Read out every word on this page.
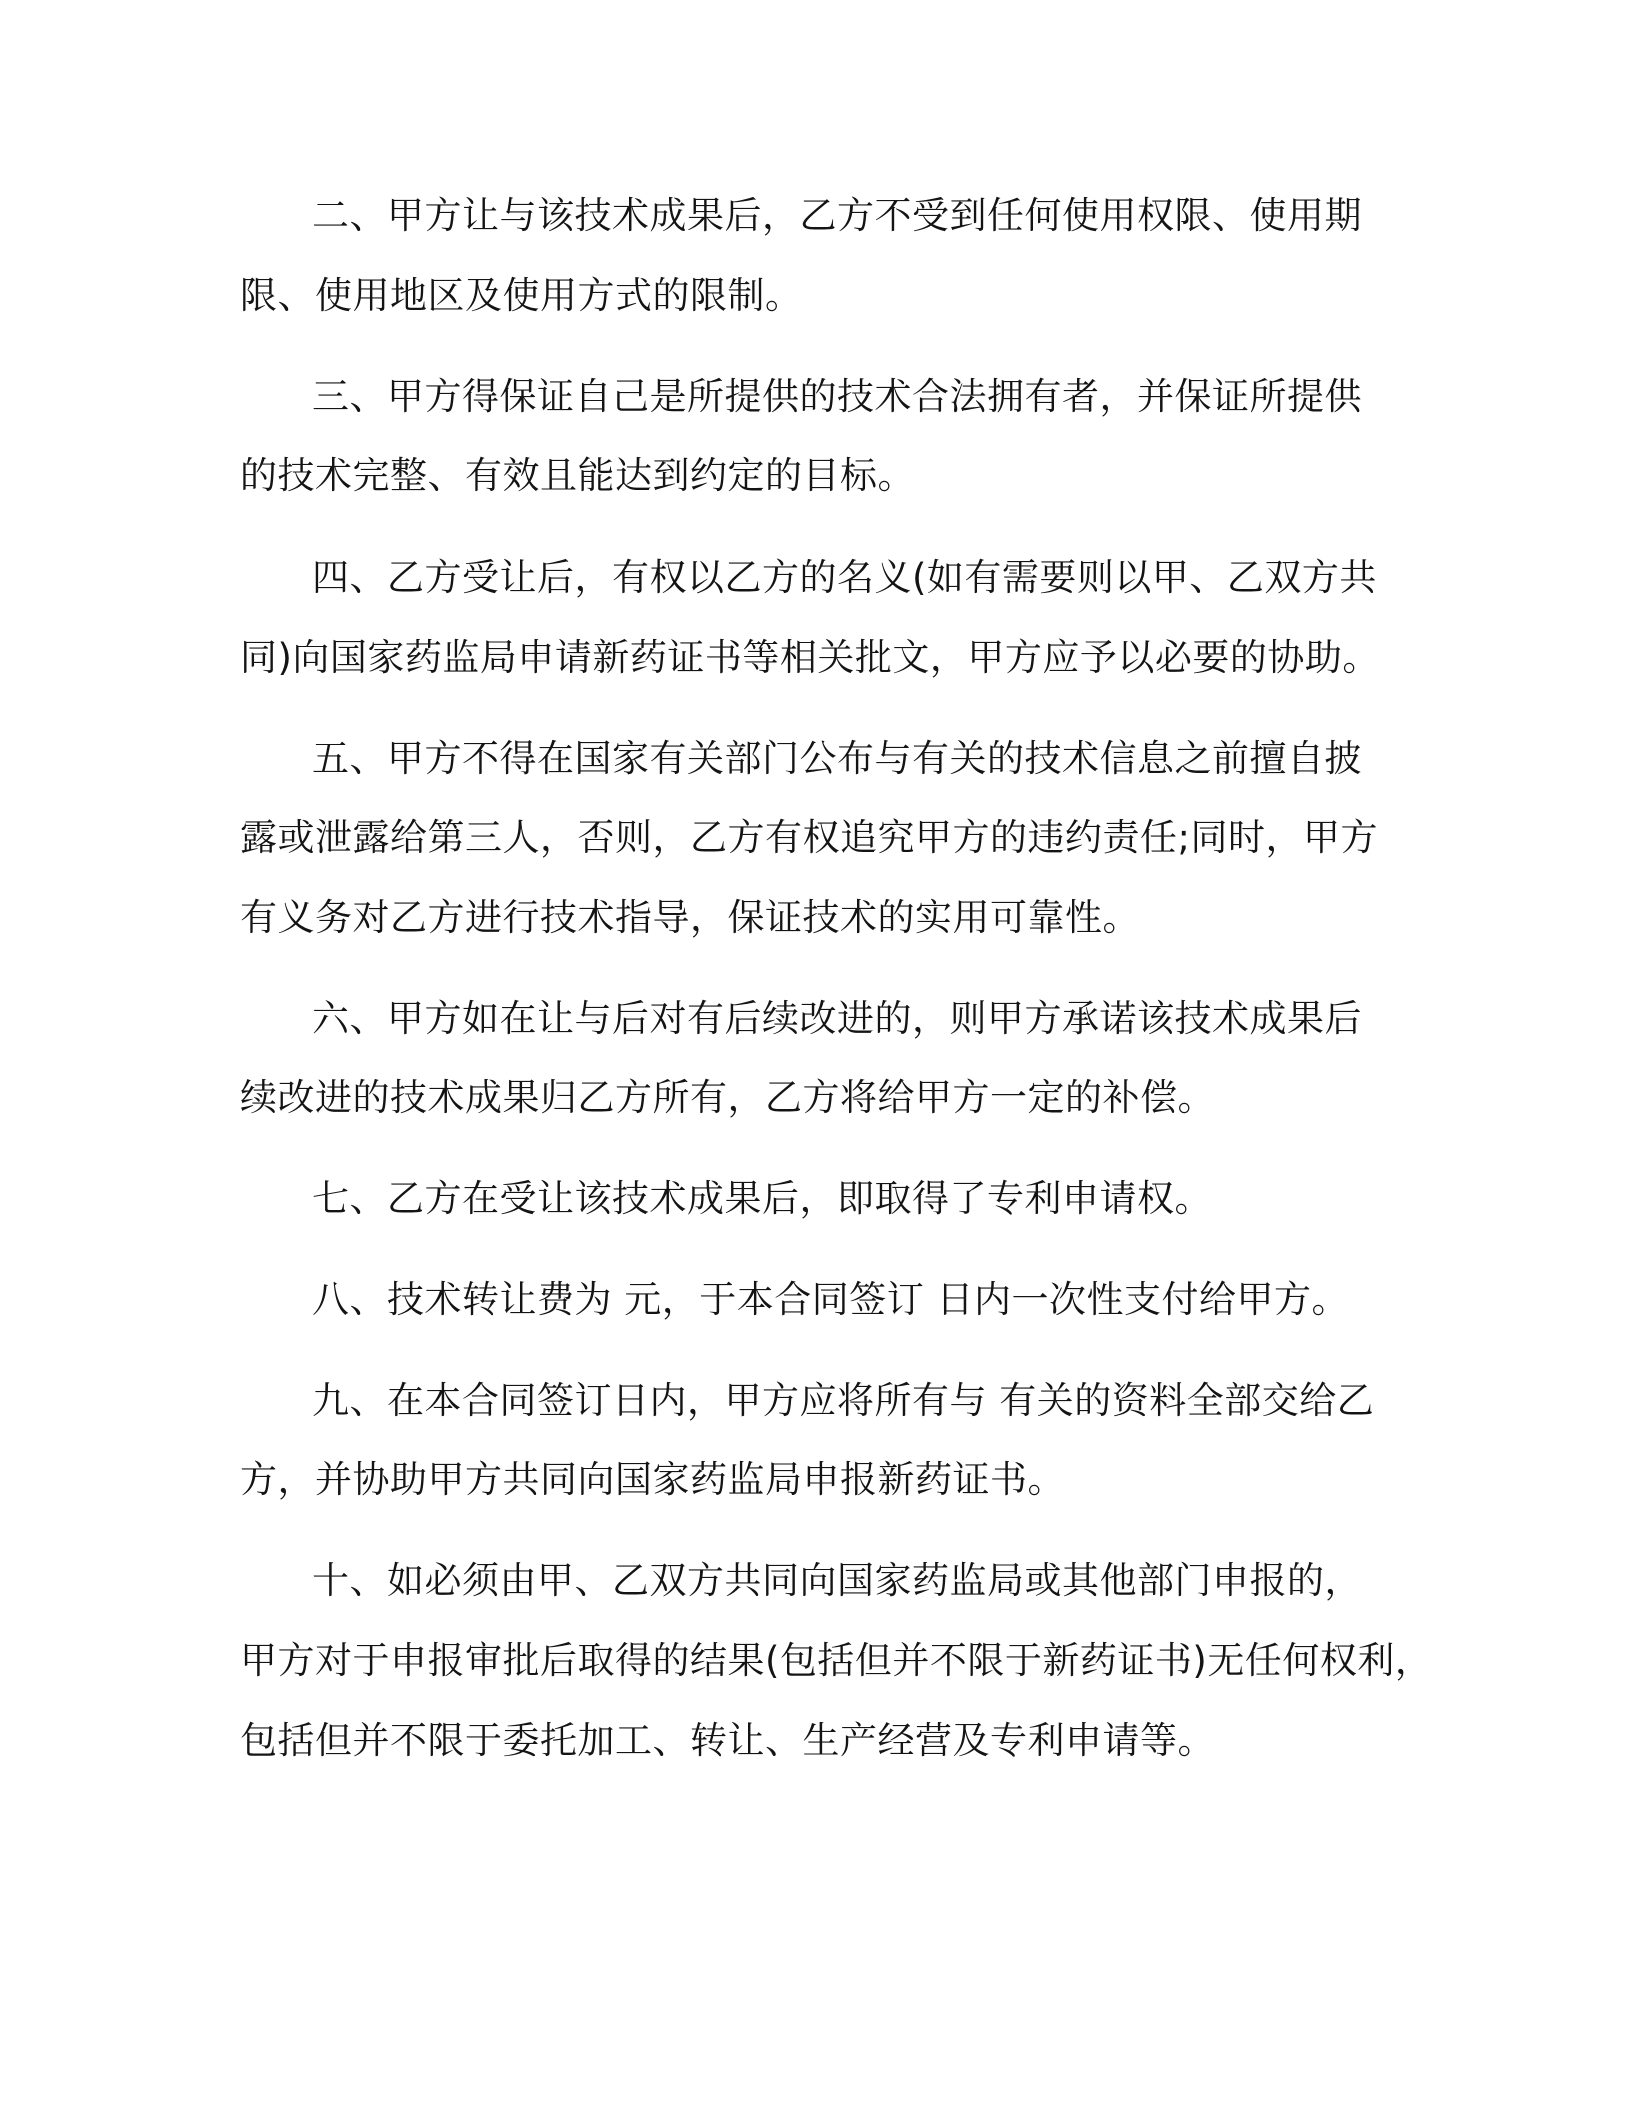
二、甲方让与该技术成果后，乙方不受到任何使用权限、使用期

限、使用地区及使用方式的限制。

三、甲方得保证自己是所提供的技术合法拥有者，并保证所提供

的技术完整、有效且能达到约定的目标。

四、乙方受让后，有权以乙方的名义(如有需要则以甲、乙双方共

同)向国家药监局申请新药证书等相关批文，甲方应予以必要的协助。

五、甲方不得在国家有关部门公布与有关的技术信息之前擅自披

露或泄露给第三人，否则，乙方有权追究甲方的违约责任;同时，甲方

有义务对乙方进行技术指导，保证技术的实用可靠性。

六、甲方如在让与后对有后续改进的，则甲方承诺该技术成果后

续改进的技术成果归乙方所有，乙方将给甲方一定的补偿。

七、乙方在受让该技术成果后，即取得了专利申请权。

八、技术转让费为 元，于本合同签订 日内一次性支付给甲方。

九、在本合同签订日内，甲方应将所有与 有关的资料全部交给乙

方，并协助甲方共同向国家药监局申报新药证书。

十、如必须由甲、乙双方共同向国家药监局或其他部门申报的，

甲方对于申报审批后取得的结果(包括但并不限于新药证书)无任何权利，

包括但并不限于委托加工、转让、生产经营及专利申请等。
